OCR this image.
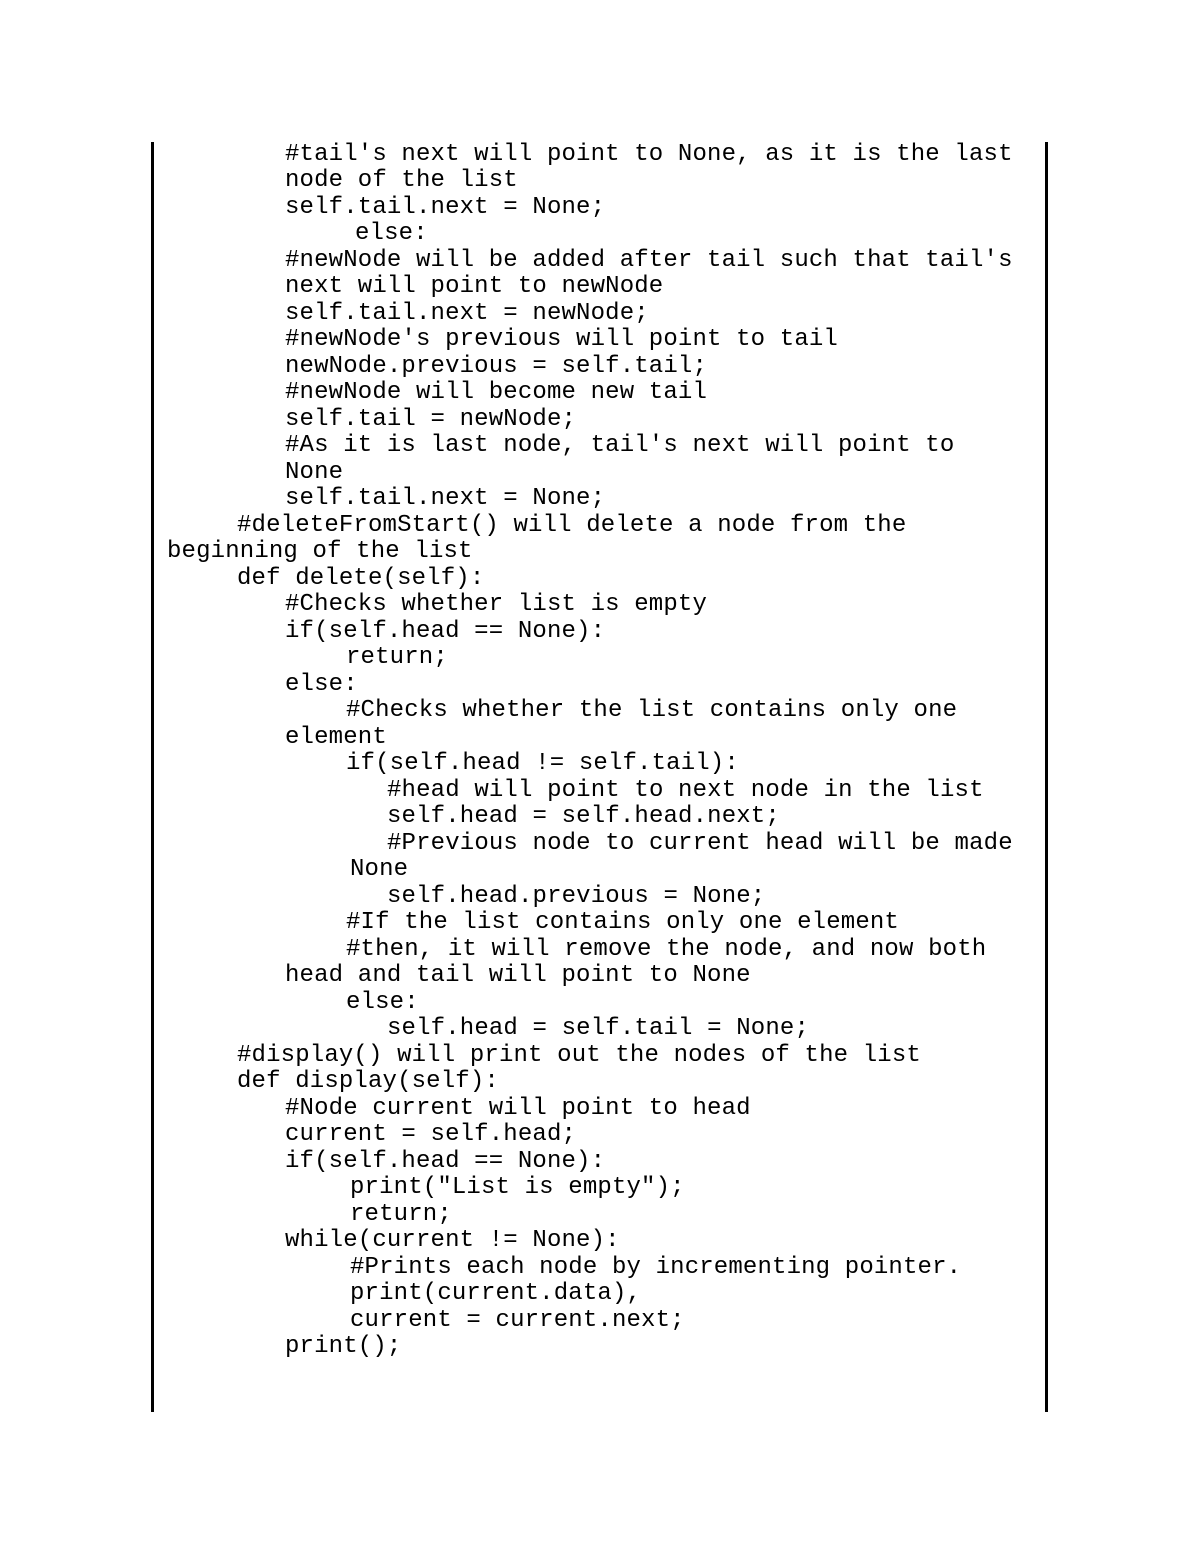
#tail's next will point to None, as it is the last
node of the list
self.tail.next = None;
else:
#newNode will be added after tail such that tail's
next will point to newNode
self.tail.next = newNode;
#newNode's previous will point to tail
newNode.previous = self.tail;
#newNode will become new tail
self.tail = newNode;
#As it is last node, tail's next will point to
None
self.tail.next = None;
#deleteFromStart() will delete a node from the
beginning of the list
def delete(self):
#Checks whether list is empty
if(self.head == None):
return;
else:
#Checks whether the list contains only one
element
if(self.head != self.tail):
#head will point to next node in the list
self.head = self.head.next;
#Previous node to current head will be made
None
self.head.previous = None;
#If the list contains only one element
#then, it will remove the node, and now both
head and tail will point to None
else:
self.head = self.tail = None;
#display() will print out the nodes of the list
def display(self):
#Node current will point to head
current = self.head;
if(self.head == None):
print("List is empty");
return;
while(current != None):
#Prints each node by incrementing pointer.
print(current.data),
current = current.next;
print();
